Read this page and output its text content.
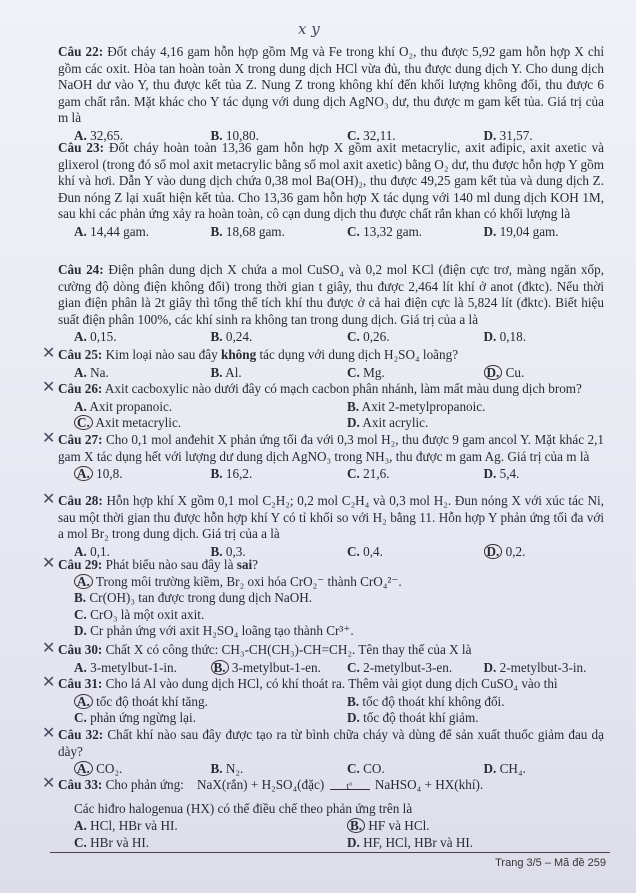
x y

Câu 22: Đốt cháy 4,16 gam hỗn hợp gồm Mg và Fe trong khí O₂, thu được 5,92 gam hỗn hợp X chỉ gồm các oxit. Hòa tan hoàn toàn X trong dung dịch HCl vừa đủ, thu được dung dịch Y. Cho dung dịch NaOH dư vào Y, thu được kết tủa Z. Nung Z trong không khí đến khối lượng không đổi, thu được 6 gam chất rắn. Mặt khác cho Y tác dụng với dung dịch AgNO₃ dư, thu được m gam kết tủa. Giá trị của m là

A. 32,65.	B. 10,80.	C. 32,11.	D. 31,57.

Câu 23: Đốt cháy hoàn toàn 13,36 gam hỗn hợp X gồm axit metacrylic, axit ađipic, axit axetic và glixerol (trong đó số mol axit metacrylic bằng số mol axit axetic) bằng O₂ dư, thu được hỗn hợp Y gồm khí và hơi. Dẫn Y vào dung dịch chứa 0,38 mol Ba(OH)₂, thu được 49,25 gam kết tủa và dung dịch Z. Đun nóng Z lại xuất hiện kết tủa. Cho 13,36 gam hỗn hợp X tác dụng với 140 ml dung dịch KOH 1M, sau khi các phản ứng xảy ra hoàn toàn, cô cạn dung dịch thu được chất rắn khan có khối lượng là

A. 14,44 gam.	B. 18,68 gam.	C. 13,32 gam.	D. 19,04 gam.

Câu 24: Điện phân dung dịch X chứa a mol CuSO₄ và 0,2 mol KCl (điện cực trơ, màng ngăn xốp, cường độ dòng điện không đổi) trong thời gian t giây, thu được 2,464 lít khí ở anot (đktc). Nếu thời gian điện phân là 2t giây thì tổng thể tích khí thu được ở cả hai điện cực là 5,824 lít (đktc). Biết hiệu suất điện phân 100%, các khí sinh ra không tan trong dung dịch. Giá trị của a là

A. 0,15.	B. 0,24.	C. 0,26.	D. 0,18.
✕ Câu 25: Kim loại nào sau đây không tác dụng với dung dịch H₂SO₄ loãng?

A. Na.	B. Al.	C. Mg.	D. Cu.
✕ Câu 26: Axit cacboxylic nào dưới đây có mạch cacbon phân nhánh, làm mất màu dung dịch brom?

A. Axit propanoic.	B. Axit 2-metylpropanoic.
C. Axit metacrylic.	D. Axit acrylic.
✕ Câu 27: Cho 0,1 mol anđehit X phản ứng tối đa với 0,3 mol H₂, thu được 9 gam ancol Y. Mặt khác 2,1 gam X tác dụng hết với lượng dư dung dịch AgNO₃ trong NH₃, thu được m gam Ag. Giá trị của m là

A. 10,8.	B. 16,2.	C. 21,6.	D. 5,4.
✕ Câu 28: Hỗn hợp khí X gồm 0,1 mol C₂H₂; 0,2 mol C₂H₄ và 0,3 mol H₂. Đun nóng X với xúc tác Ni, sau một thời gian thu được hỗn hợp khí Y có tỉ khối so với H₂ bằng 11. Hỗn hợp Y phản ứng tối đa với a mol Br₂ trong dung dịch. Giá trị của a là

A. 0,1.	B. 0,3.	C. 0,4.	D. 0,2.
✕ Câu 29: Phát biểu nào sau đây là sai?

A. Trong môi trường kiềm, Br₂ oxi hóa CrO₂⁻ thành CrO₄²⁻.
B. Cr(OH)₃ tan được trong dung dịch NaOH.
C. CrO₃ là một oxit axit.
D. Cr phản ứng với axit H₂SO₄ loãng tạo thành Cr³⁺.
✕ Câu 30: Chất X có công thức: CH₃-CH(CH₃)-CH=CH₂. Tên thay thế của X là

A. 3-metylbut-1-in.	B. 3-metylbut-1-en.	C. 2-metylbut-3-en.	D. 2-metylbut-3-in.
✕ Câu 31: Cho lá Al vào dung dịch HCl, có khí thoát ra. Thêm vài giọt dung dịch CuSO₄ vào thì

A. tốc độ thoát khí tăng.	B. tốc độ thoát khí không đổi.
C. phản ứng ngừng lại.	D. tốc độ thoát khí giảm.
✕ Câu 32: Chất khí nào sau đây được tạo ra từ bình chữa cháy và dùng để sản xuất thuốc giảm đau dạ dày?

A. CO₂.	B. N₂.	C. CO.	D. CH₄.
✕ Câu 33: Cho phản ứng: NaX(rắn) + H₂SO₄(đặc) t° NaHSO₄ + HX(khí).

Các hiđro halogenua (HX) có thể điều chế theo phản ứng trên là

A. HCl, HBr và HI.	B. HF và HCl.
C. HBr và HI.	D. HF, HCl, HBr và HI.
Trang 3/5 – Mã đề 259
